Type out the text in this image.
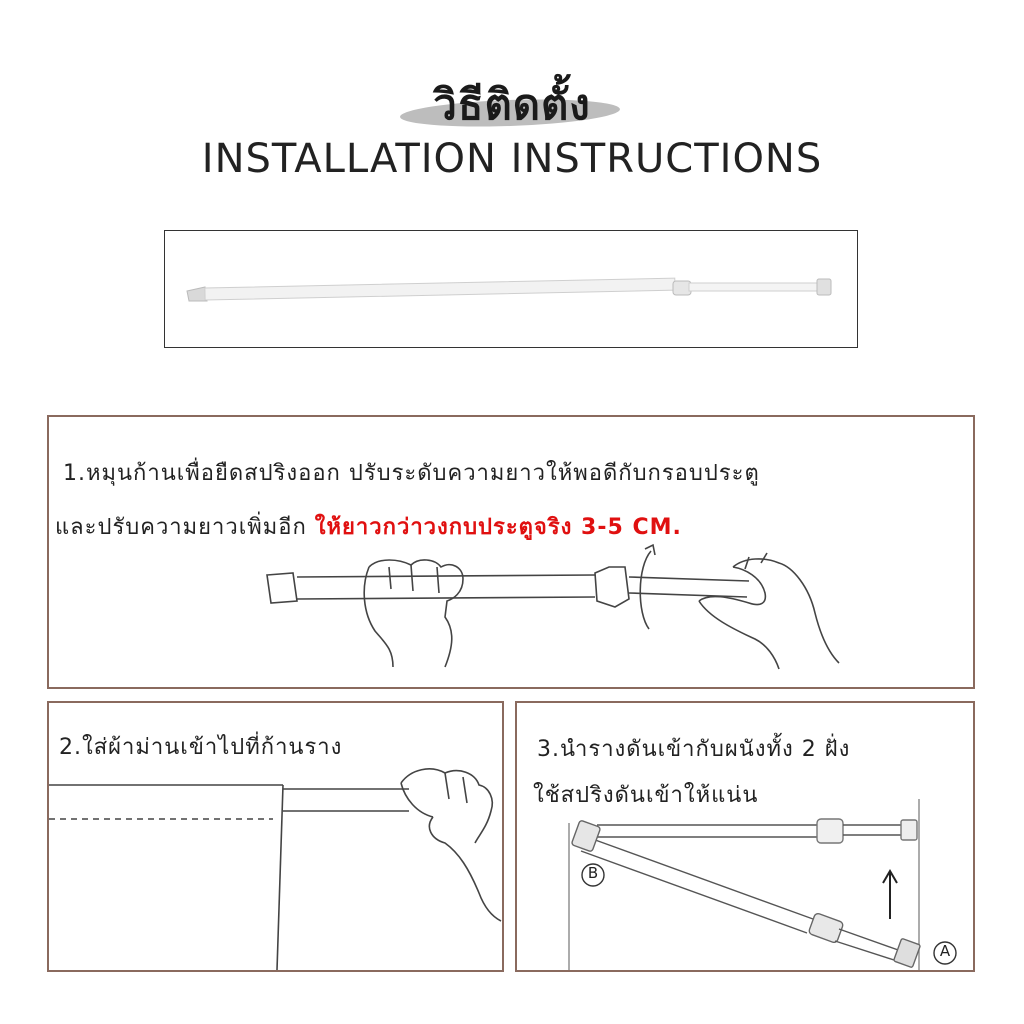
วิธีติดตั้ง
INSTALLATION INSTRUCTIONS
1.หมุนก้านเพื่อยืดสปริงออก ปรับระดับความยาวให้พอดีกับกรอบประตู
และปรับความยาวเพิ่มอีก ให้ยาวกว่าวงกบประตูจริง 3-5 CM.
2.ใส่ผ้าม่านเข้าไปที่ก้านราง	3.นำรางดันเข้ากับผนังทั้ง 2 ฝั่ง
ใช้สปริงดันเข้าให้แน่น
B
A
